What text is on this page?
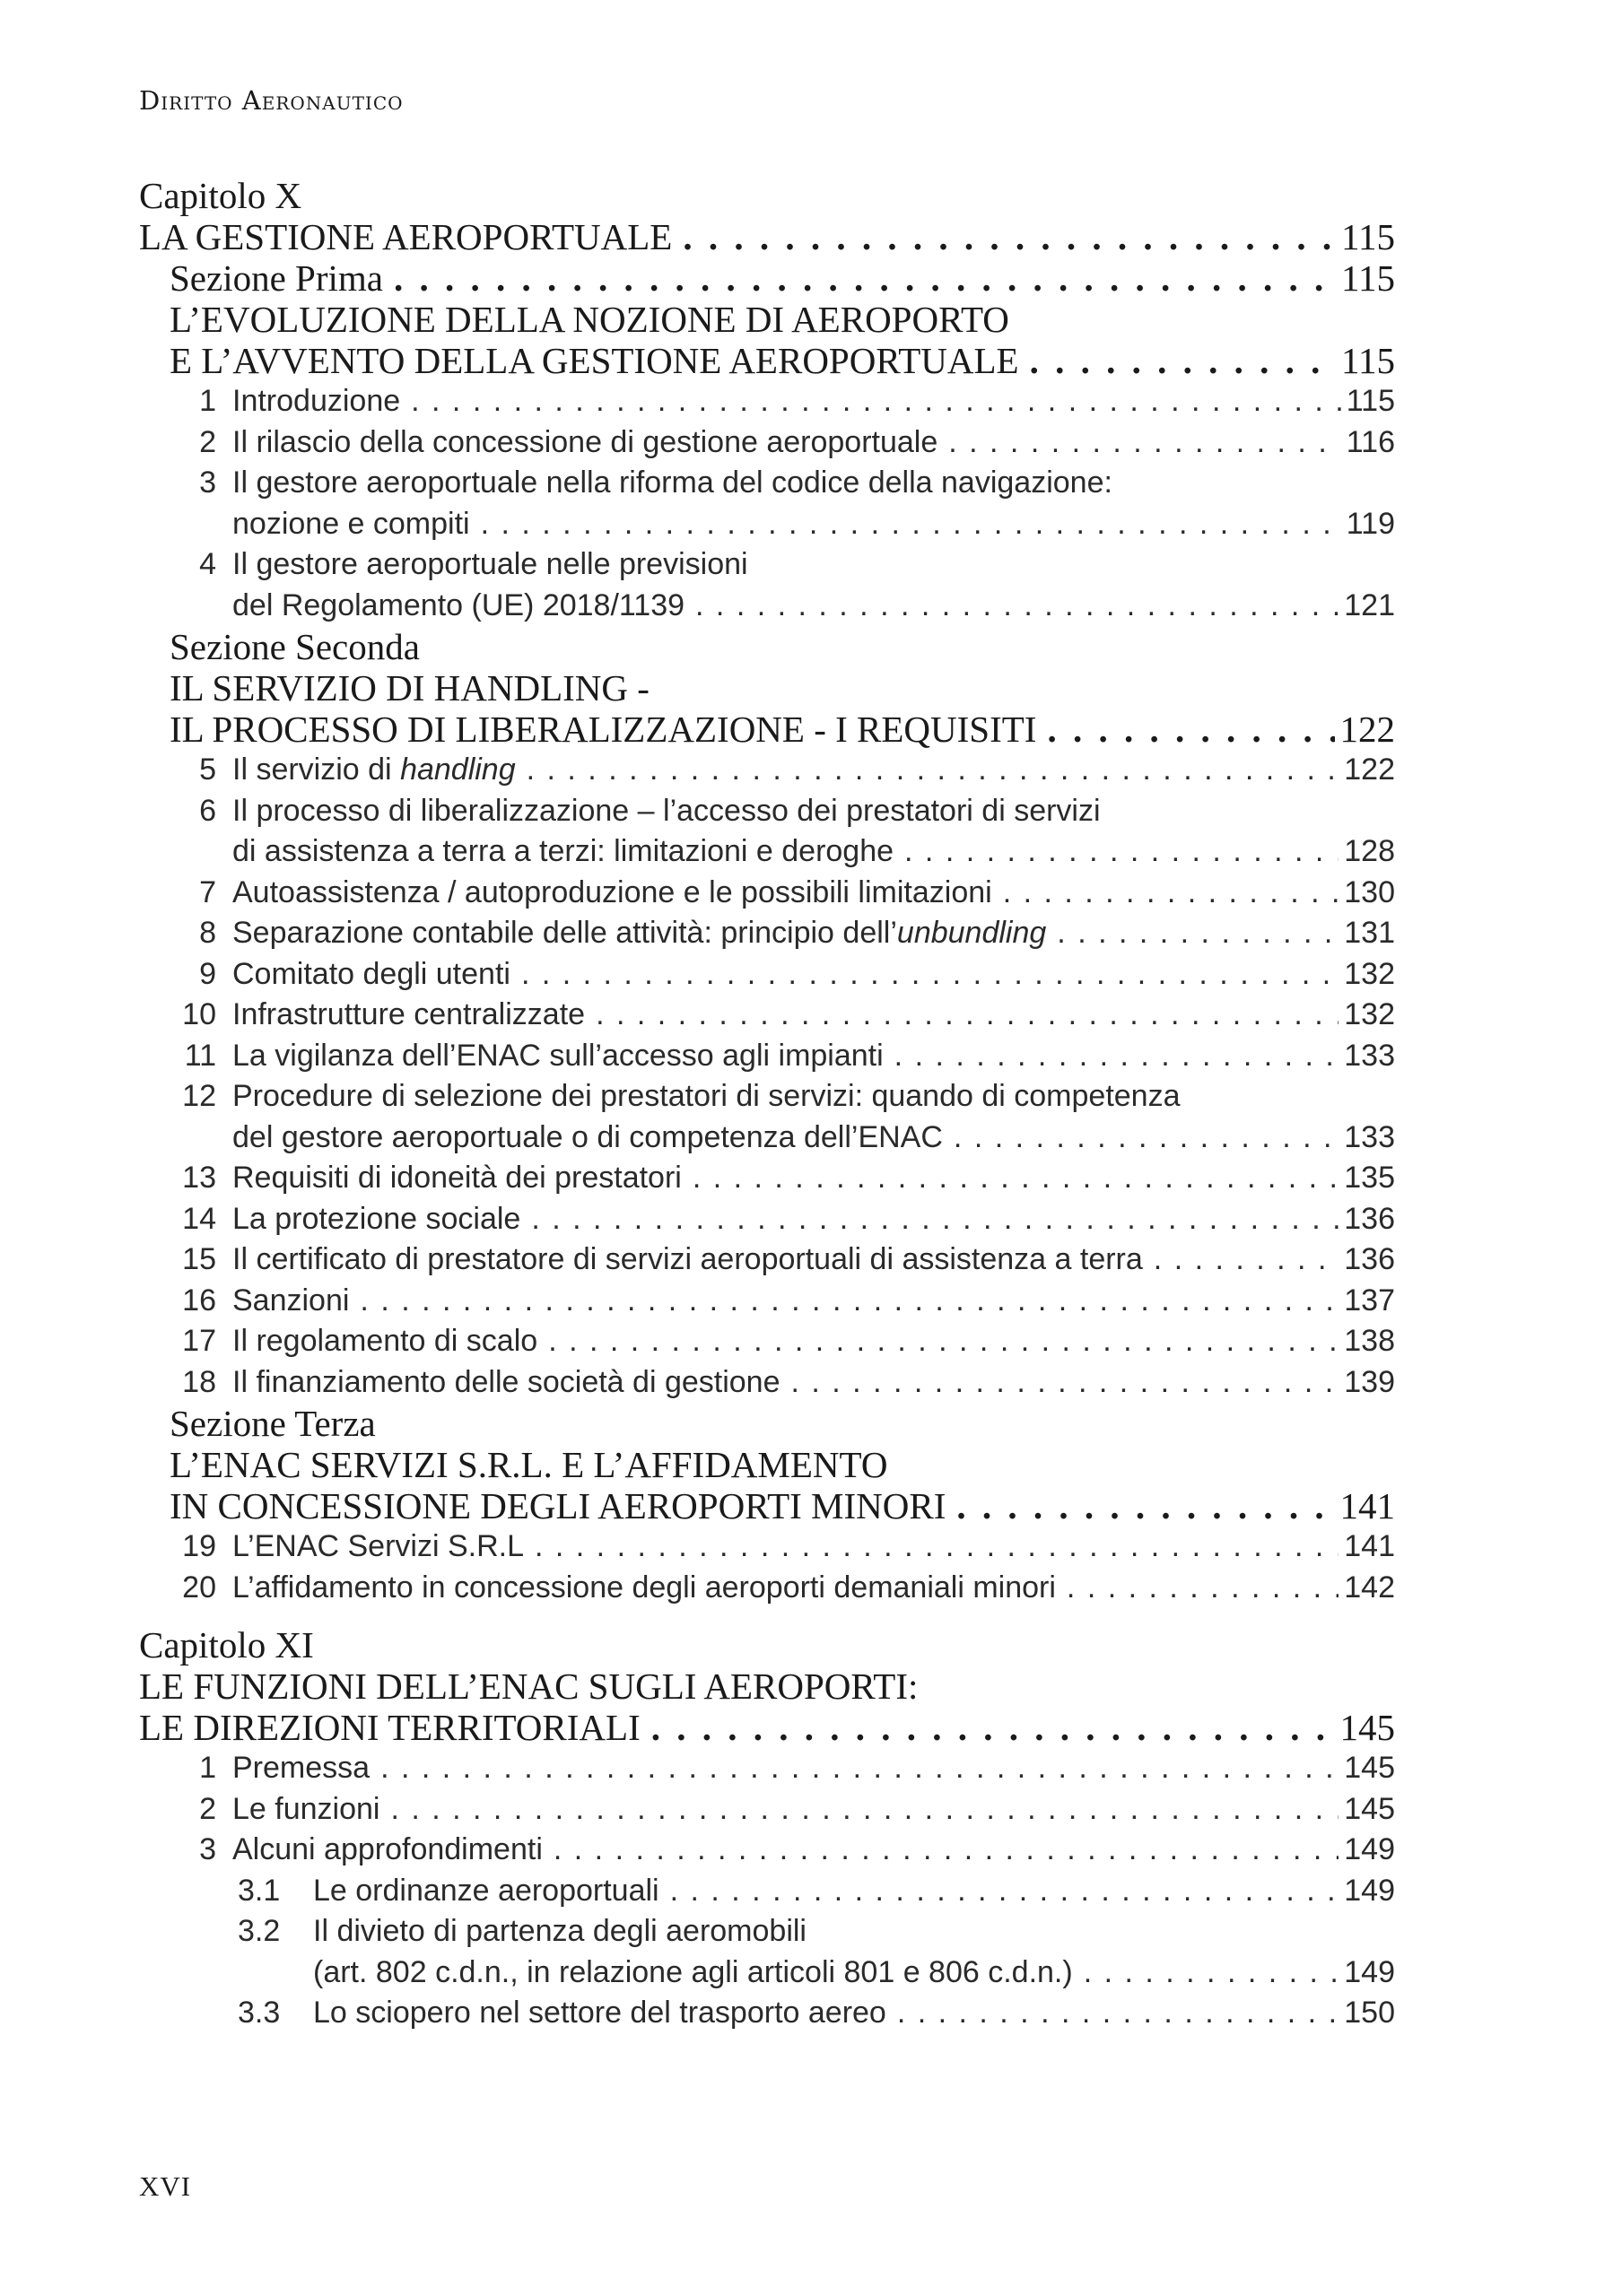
Diritto Aeronautico
Capitolo X
LA GESTIONE AEROPORTUALE . . .	115
Sezione Prima . . .	115
L’EVOLUZIONE DELLA NOZIONE DI AEROPORTO
E L’AVVENTO DELLA GESTIONE AEROPORTUALE . . .	115
1 Introduzione . . .	115
2 Il rilascio della concessione di gestione aeroportuale . . .	116
3 Il gestore aeroportuale nella riforma del codice della navigazione:
nozione e compiti . . .	119
4 Il gestore aeroportuale nelle previsioni
del Regolamento (UE) 2018/1139 . . .	121
Sezione Seconda
IL SERVIZIO DI HANDLING -
IL PROCESSO DI LIBERALIZZAZIONE - I REQUISITI . . .	122
5 Il servizio di handling . . .	122
6 Il processo di liberalizzazione – l’accesso dei prestatori di servizi
di assistenza a terra a terzi: limitazioni e deroghe . . .	128
7 Autoassistenza / autoproduzione e le possibili limitazioni . . .	130
8 Separazione contabile delle attività: principio dell’unbundling . . .	131
9 Comitato degli utenti . . .	132
10 Infrastrutture centralizzate . . .	132
11 La vigilanza dell’ENAC sull’accesso agli impianti . . .	133
12 Procedure di selezione dei prestatori di servizi: quando di competenza
del gestore aeroportuale o di competenza dell’ENAC . . .	133
13 Requisiti di idoneità dei prestatori . . .	135
14 La protezione sociale . . .	136
15 Il certificato di prestatore di servizi aeroportuali di assistenza a terra . . .	136
16 Sanzioni . . .	137
17 Il regolamento di scalo . . .	138
18 Il finanziamento delle società di gestione . . .	139
Sezione Terza
L’ENAC SERVIZI S.R.L. E L’AFFIDAMENTO
IN CONCESSIONE DEGLI AEROPORTI MINORI . . .	141
19 L’ENAC Servizi S.R.L . . .	141
20 L’affidamento in concessione degli aeroporti demaniali minori . . .	142
Capitolo XI
LE FUNZIONI DELL’ENAC SUGLI AEROPORTI:
LE DIREZIONI TERRITORIALI . . .	145
1 Premessa . . .	145
2 Le funzioni . . .	145
3 Alcuni approfondimenti . . .	149
3.1	Le ordinanze aeroportuali . . .	149
3.2	Il divieto di partenza degli aeromobili
(art. 802 c.d.n., in relazione agli articoli 801 e 806 c.d.n.) . . .	149
3.3	Lo sciopero nel settore del trasporto aereo . . .	150
XVI
